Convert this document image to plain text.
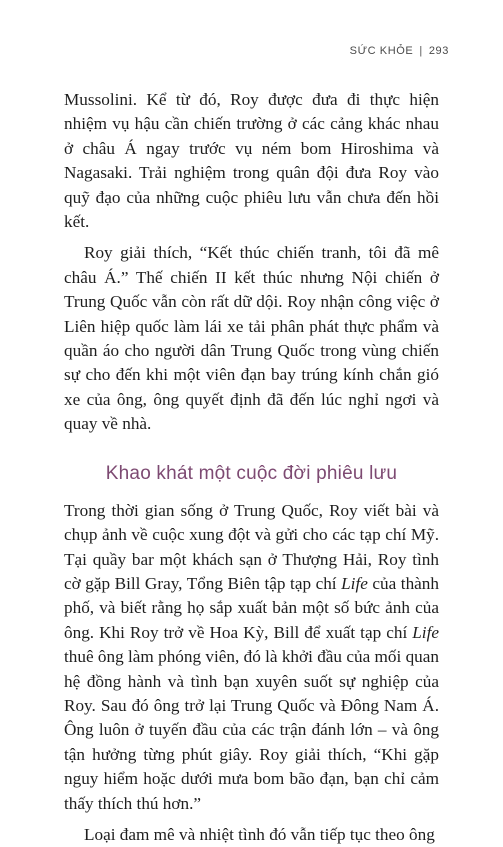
SỨC KHỎE | 293

Mussolini. Kể từ đó, Roy được đưa đi thực hiện nhiệm vụ hậu cần chiến trường ở các cảng khác nhau ở châu Á ngay trước vụ ném bom Hiroshima và Nagasaki. Trải nghiệm trong quân đội đưa Roy vào quỹ đạo của những cuộc phiêu lưu vẫn chưa đến hồi kết.

Roy giải thích, “Kết thúc chiến tranh, tôi đã mê châu Á.” Thế chiến II kết thúc nhưng Nội chiến ở Trung Quốc vẫn còn rất dữ dội. Roy nhận công việc ở Liên hiệp quốc làm lái xe tải phân phát thực phẩm và quần áo cho người dân Trung Quốc trong vùng chiến sự cho đến khi một viên đạn bay trúng kính chắn gió xe của ông, ông quyết định đã đến lúc nghỉ ngơi và quay về nhà.

Khao khát một cuộc đời phiêu lưu

Trong thời gian sống ở Trung Quốc, Roy viết bài và chụp ảnh về cuộc xung đột và gửi cho các tạp chí Mỹ. Tại quầy bar một khách sạn ở Thượng Hải, Roy tình cờ gặp Bill Gray, Tổng Biên tập tạp chí Life của thành phố, và biết rằng họ sắp xuất bản một số bức ảnh của ông. Khi Roy trở về Hoa Kỳ, Bill để xuất tạp chí Life thuê ông làm phóng viên, đó là khởi đầu của mối quan hệ đồng hành và tình bạn xuyên suốt sự nghiệp của Roy. Sau đó ông trở lại Trung Quốc và Đông Nam Á. Ông luôn ở tuyến đầu của các trận đánh lớn – và ông tận hưởng từng phút giây. Roy giải thích, “Khi gặp nguy hiểm hoặc dưới mưa bom bão đạn, bạn chỉ cảm thấy thích thú hơn.”

Loại đam mê và nhiệt tình đó vẫn tiếp tục theo ông
